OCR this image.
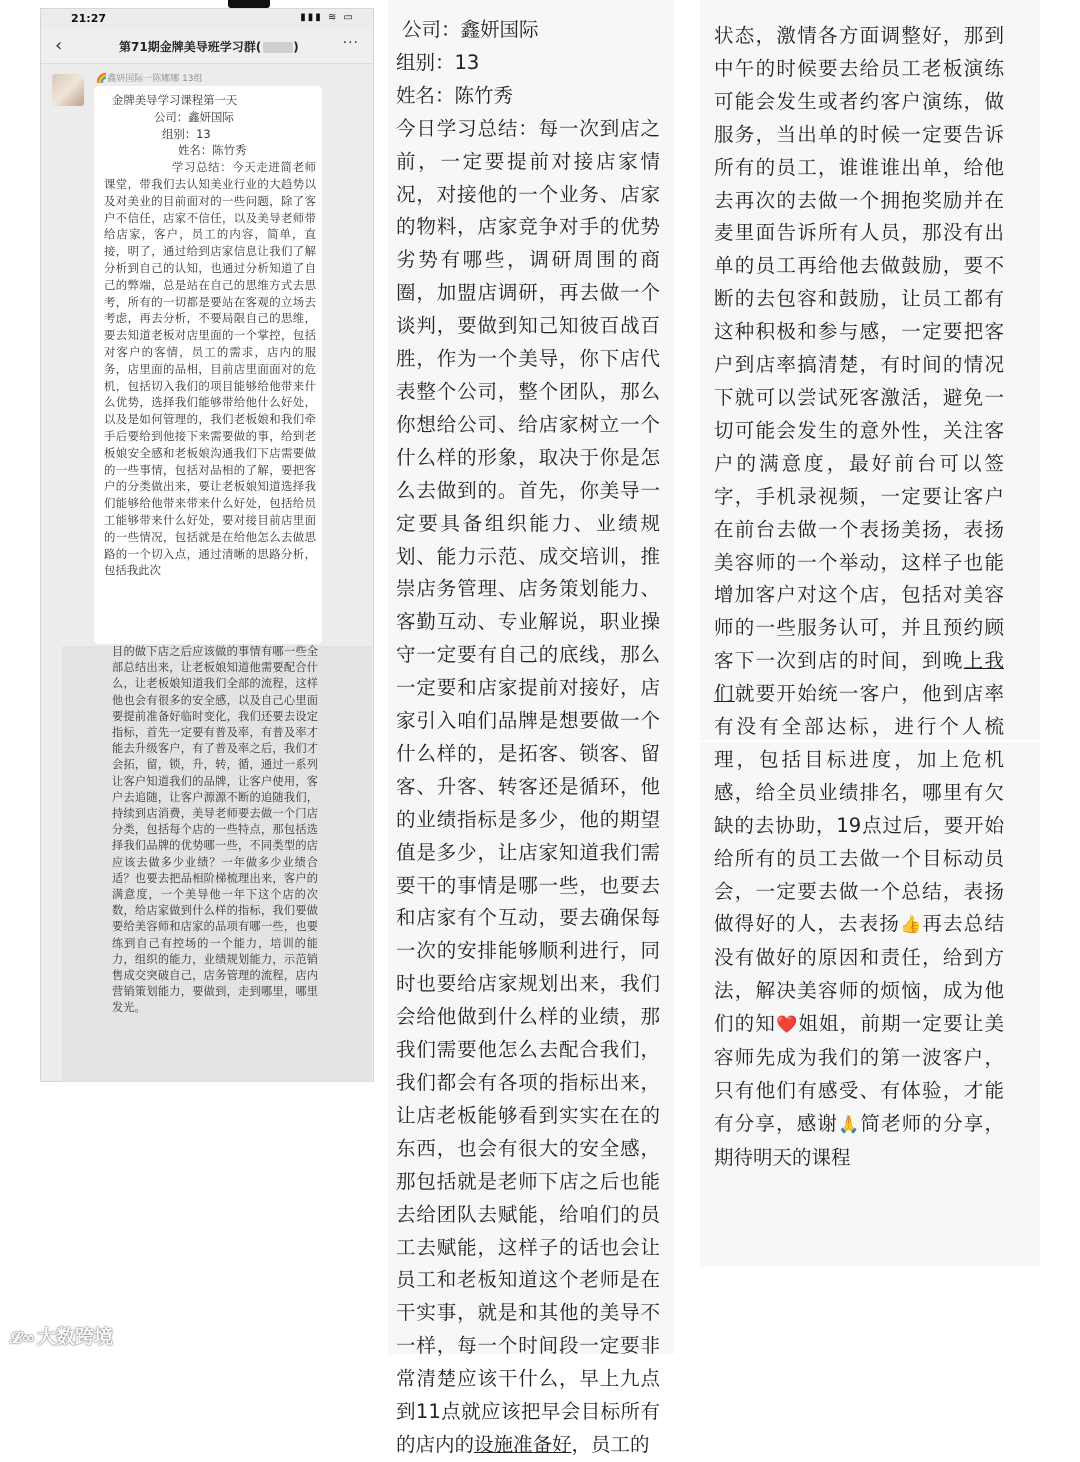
21:27	▮▮▮ ≋ ▭
‹	第71期金牌美导班学习群(	)	···
🌈鑫妍国际一陈娜娜 13组
金牌美导学习课程第一天
公司：鑫妍国际
组别：13
姓名：陈竹秀
学习总结：今天走进简老师课堂，带我们去认知美业行业的大趋势以及对美业的目前面对的一些问题，除了客户不信任，店家不信任，以及美导老师带给店家，客户，员工的内容，简单，直接，明了，通过给到店家信息让我们了解分析到自己的认知，也通过分析知道了自己的弊端，总是站在自己的思维方式去思考，所有的一切都是要站在客观的立场去考虑，再去分析，不要局限自己的思维，要去知道老板对店里面的一个掌控，包括对客户的客情，员工的需求，店内的服务，店里面的品相，目前店里面面对的危机，包括切入我们的项目能够给他带来什么优势，选择我们能够带给他什么好处，以及是如何管理的，我们老板娘和我们牵手后要给到他接下来需要做的事，给到老板娘安全感和老板娘沟通我们下店需要做的一些事情，包括对品相的了解，要把客户的分类做出来，要让老板娘知道选择我们能够给他带来带来什么好处，包括给员工能够带来什么好处，要对接目前店里面的一些情况，包括就是在给他怎么去做思路的一个切入点，通过清晰的思路分析，包括我此次
目的做下店之后应该做的事情有哪一些全部总结出来，让老板娘知道他需要配合什么，让老板娘知道我们全部的流程，这样他也会有很多的安全感，以及自己心里面要提前准备好临时变化，我们还要去设定指标，首先一定要有普及率，有普及率才能去升级客户，有了普及率之后，我们才会拓，留，锁，升，转，循，通过一系列让客户知道我们的品牌，让客户使用，客户去追随，让客户源源不断的追随我们，持续到店消费，美导老师要去做一个门店分类，包括每个店的一些特点，那包括选择我们品牌的优势哪一些，不同类型的店应该去做多少业绩？一年做多少业绩合适？也要去把品相阶梯梳理出来，客户的满意度，一个美导他一年下这个店的次数，给店家做到什么样的指标，我们要做要给美容师和店家的品项有哪一些，也要练到自己有控场的一个能力，培训的能力，组织的能力，业绩规划能力，示范销售成交突破自己，店务管理的流程，店内营销策划能力，要做到，走到哪里，哪里发光。
公司：鑫妍国际
组别：13
姓名：陈竹秀
今日学习总结：每一次到店之前，一定要提前对接店家情况，对接他的一个业务、店家的物料，店家竞争对手的优势劣势有哪些，调研周围的商圈，加盟店调研，再去做一个谈判，要做到知己知彼百战百胜，作为一个美导，你下店代表整个公司，整个团队，那么你想给公司、给店家树立一个什么样的形象，取决于你是怎么去做到的。首先，你美导一定要具备组织能力、业绩规划、能力示范、成交培训，推崇店务管理、店务策划能力、客勤互动、专业解说，职业操守一定要有自己的底线，那么一定要和店家提前对接好，店家引入咱们品牌是想要做一个什么样的，是拓客、锁客、留客、升客、转客还是循环，他的业绩指标是多少，他的期望值是多少，让店家知道我们需要干的事情是哪一些，也要去和店家有个互动，要去确保每一次的安排能够顺利进行，同时也要给店家规划出来，我们会给他做到什么样的业绩，那我们需要他怎么去配合我们，我们都会有各项的指标出来，让店老板能够看到实实在在的东西，也会有很大的安全感，那包括就是老师下店之后也能去给团队去赋能，给咱们的员工去赋能，这样子的话也会让员工和老板知道这个老师是在干实事，就是和其他的美导不一样，每一个时间段一定要非常清楚应该干什么，早上九点到11点就应该把早会目标所有的店内的设施准备好，员工的
状态，激情各方面调整好，那到中午的时候要去给员工老板演练可能会发生或者约客户演练，做服务，当出单的时候一定要告诉所有的员工，谁谁谁出单，给他去再次的去做一个拥抱奖励并在麦里面告诉所有人员，那没有出单的员工再给他去做鼓励，要不断的去包容和鼓励，让员工都有这种积极和参与感，一定要把客户到店率搞清楚，有时间的情况下就可以尝试死客激活，避免一切可能会发生的意外性，关注客户的满意度，最好前台可以签字，手机录视频，一定要让客户在前台去做一个表扬美扬，表扬美容师的一个举动，这样子也能增加客户对这个店，包括对美容师的一些服务认可，并且预约顾客下一次到店的时间，到晚上我们就要开始统一客户，他到店率有没有全部达标，进行个人梳理，包括目标进度，加上危机感，给全员业绩排名，哪里有欠缺的去协助，19点过后，要开始给所有的员工去做一个目标动员会，一定要去做一个总结，表扬做得好的人，去表扬👍再去总结没有做好的原因和责任，给到方法，解决美容师的烦恼，成为他们的知❤️姐姐，前期一定要让美容师先成为我们的第一波客户，只有他们有感受、有体验，才能有分享，感谢🙏简老师的分享，期待明天的课程
𝓛∞ 大数跨境
